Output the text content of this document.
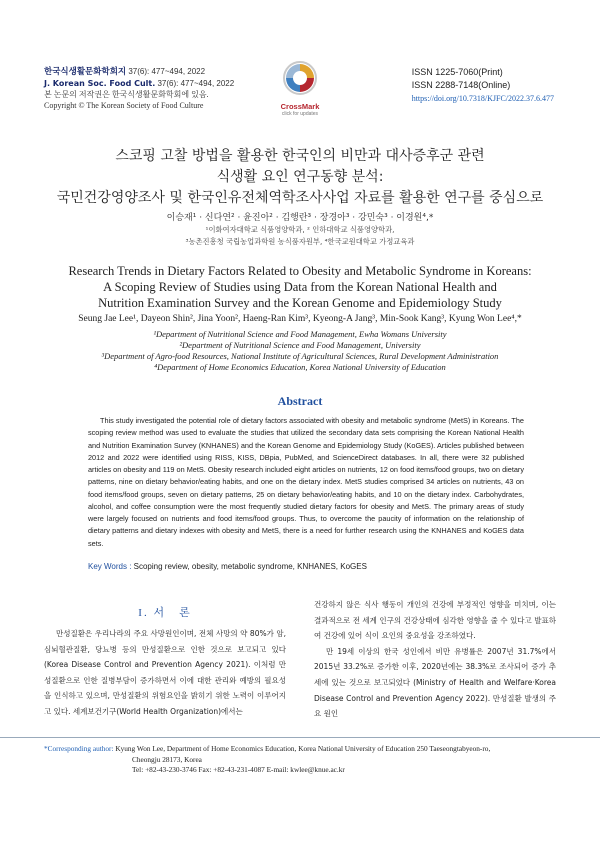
한국식생활문화학회지 37(6): 477~494, 2022
J. Korean Soc. Food Cult. 37(6): 477~494, 2022
본 논문의 저작권은 한국식생활문화학회에 있음.
Copyright © The Korean Society of Food Culture	CrossMark
click for updates
ISSN 1225-7060(Print)
ISSN 2288-7148(Online)
https://doi.org/10.7318/KJFC/2022.37.6.477
스코핑 고찰 방법을 활용한 한국인의 비만과 대사증후군 관련
식생활 요인 연구동향 분석:
국민건강영양조사 및 한국인유전체역학조사사업 자료를 활용한 연구를 중심으로
이승재¹ · 신다연² · 윤진아² · 김행란³ · 장경아³ · 강민숙³ · 이경원⁴,*
¹이화여자대학교 식품영양학과, ² 인하대학교 식품영양학과,
³농촌진흥청 국립농업과학원 농식품자원부, ⁴한국교원대학교 가정교육과
Research Trends in Dietary Factors Related to Obesity and Metabolic Syndrome in Koreans:
A Scoping Review of Studies using Data from the Korean National Health and
Nutrition Examination Survey and the Korean Genome and Epidemiology Study
Seung Jae Lee¹, Dayeon Shin², Jina Yoon², Haeng-Ran Kim³, Kyeong-A Jang³, Min-Sook Kang³, Kyung Won Lee⁴,*
¹Department of Nutritional Science and Food Management, Ewha Womans University
²Department of Nutritional Science and Food Management, University
³Department of Agro-food Resources, National Institute of Agricultural Sciences, Rural Development Administration
⁴Department of Home Economics Education, Korea National University of Education
Abstract
This study investigated the potential role of dietary factors associated with obesity and metabolic syndrome (MetS) in Koreans. The scoping review method was used to evaluate the studies that utilized the secondary data sets comprising the Korean National Health and Nutrition Examination Survey (KNHANES) and the Korean Genome and Epidemiology Study (KoGES). Articles published between 2012 and 2022 were identified using RISS, KISS, DBpia, PubMed, and ScienceDirect databases. In all, there were 32 published articles on obesity and 119 on MetS. Obesity research included eight articles on nutrients, 12 on food items/food groups, two on dietary patterns, nine on dietary behavior/eating habits, and one on the dietary index. MetS studies comprised 34 articles on nutrients, 43 on food items/food groups, seven on dietary patterns, 25 on dietary behavior/eating habits, and 10 on the dietary index. Carbohydrates, alcohol, and coffee consumption were the most frequently studied dietary factors for obesity and MetS. The primary areas of study were largely focused on nutrients and food items/food groups. Thus, to overcome the paucity of information on the relationship of dietary patterns and dietary indexes with obesity and MetS, there is a need for further research using the KNHANES and KoGES data sets.
Key Words : Scoping review, obesity, metabolic syndrome, KNHANES, KoGES
I. 서　론
만성질환은 우리나라의 주요 사망원인이며, 전체 사망의 약 80%가 암, 심뇌혈관질환, 당뇨병 등의 만성질환으로 인한 것으로 보고되고 있다(Korea Disease Control and Prevention Agency 2021). 이처럼 만성질환으로 인한 질병부담이 증가하면서 이에 대한 관리와 예방의 필요성을 인식하고 있으며, 만성질환의 위험요인을 밝히기 위한 노력이 이루어지고 있다. 세계보건기구(World Health Organization)에서는
건강하지 않은 식사 행동이 개인의 건강에 부정적인 영향을 미치며, 이는 결과적으로 전 세계 인구의 건강상태에 심각한 영향을 줄 수 있다고 발표하여 건강에 있어 식이 요인의 중요성을 강조하였다.
만 19세 이상의 한국 성인에서 비만 유병률은 2007년 31.7%에서 2015년 33.2%로 증가한 이후, 2020년에는 38.3%로 조사되어 증가 추세에 있는 것으로 보고되었다 (Ministry of Health and Welfare·Korea Disease Control and Prevention Agency 2022). 만성질환 발생의 주요 원인
*Corresponding author: Kyung Won Lee, Department of Home Economics Education, Korea National University of Education 250 Taeseongtabyeon-ro,
Cheongju 28173, Korea
Tel: +82-43-230-3746 Fax: +82-43-231-4087 E-mail: kwlee@knue.ac.kr
